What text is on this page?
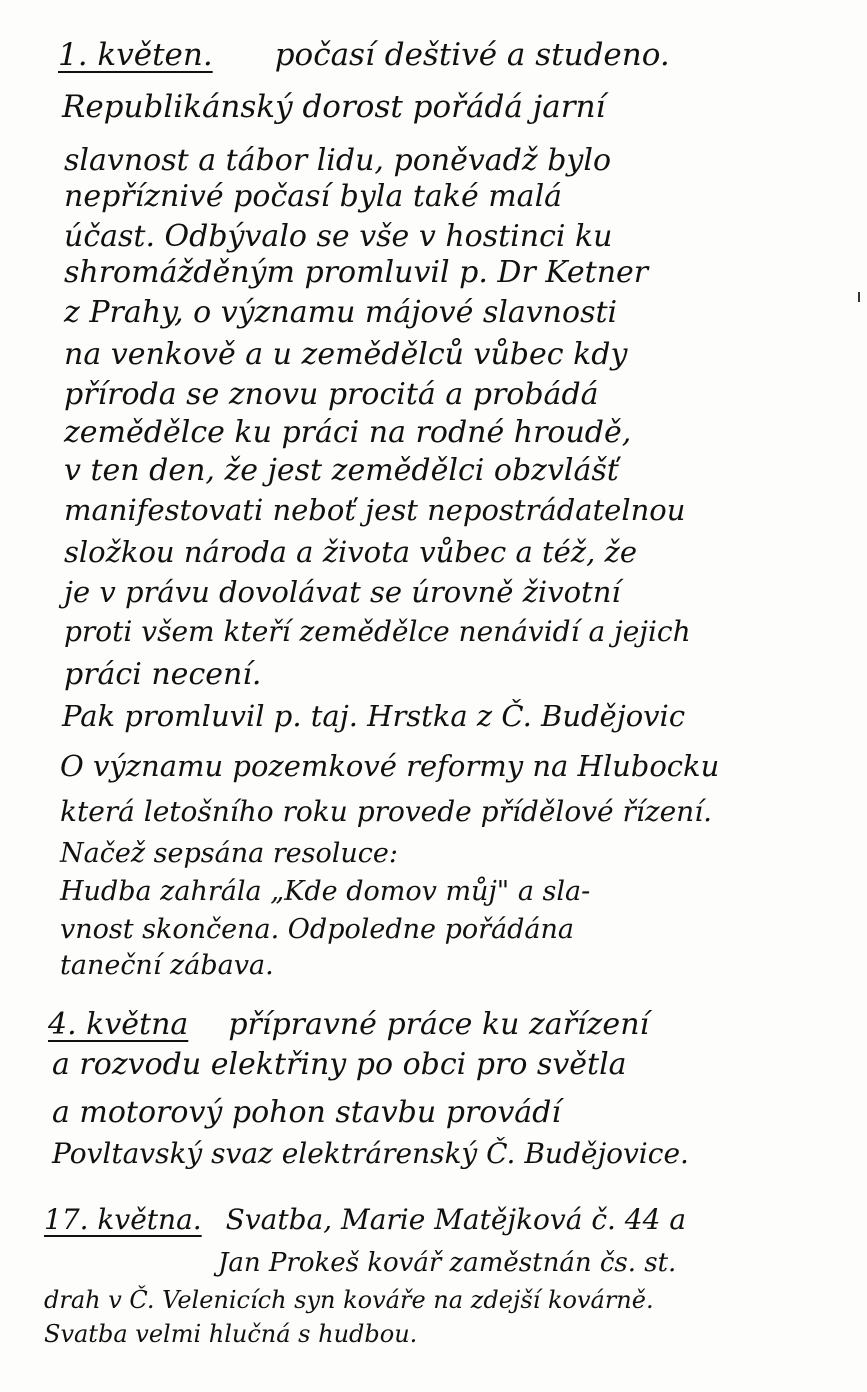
1. květen. počasí deštivé a studeno.
Republikánský dorost pořádá jarní
slavnost a tábor lidu, poněvadž bylo
nepříznivé počasí byla také malá
účast. Odbývalo se vše v hostinci ku
shromážděným promluvil p. Dr Ketner
z Prahy, o významu májové slavnosti
na venkově a u zemědělců vůbec kdy
příroda se znovu procitá a probádá
zemědělce ku práci na rodné hroudě,
v ten den, že jest zemědělci obzvlášť
manifestovati neboť jest nepostrádatelnou
složkou národa a života vůbec a též, že
je v právu dovolávat se úrovně životní
proti všem kteří zemědělce nenávidí a jejich
práci necení.
Pak promluvil p. taj. Hrstka z Č. Budějovic
O významu pozemkové reformy na Hlubocku
která letošního roku provede přídělové řízení.
Načež sepsána resoluce:
Hudba zahrála „Kde domov můj" a sla-
vnost skončena. Odpoledne pořádána
taneční zábava.
4. května přípravné práce ku zařízení
a rozvodu elektřiny po obci pro světla
a motorový pohon stavbu provádí
Povltavský svaz elektrárenský Č. Budějovice.
17. května. Svatba, Marie Matějková č. 44 a
Jan Prokeš kovář zaměstnán čs. st.
drah v Č. Velenicích syn kováře na zdejší kovárně.
Svatba velmi hlučná s hudbou.
